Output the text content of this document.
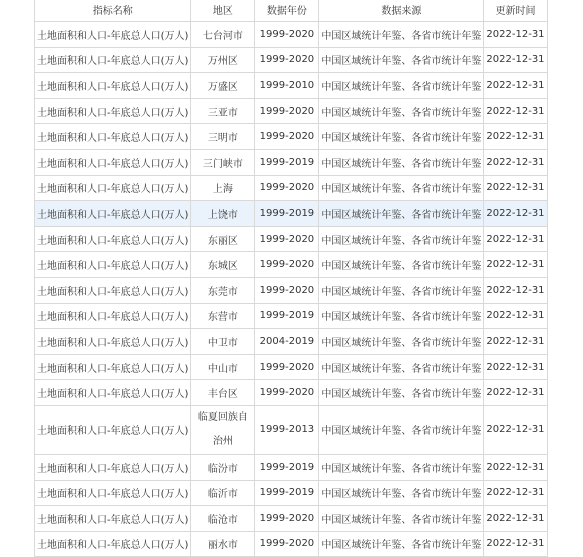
指标名称	地区	数据年份	数据来源	更新时间
土地面积和人口-年底总人口(万人)	七台河市	1999-2020	中国区域统计年鉴、各省市统计年鉴	2022-12-31
土地面积和人口-年底总人口(万人)	万州区	1999-2020	中国区域统计年鉴、各省市统计年鉴	2022-12-31
土地面积和人口-年底总人口(万人)	万盛区	1999-2010	中国区域统计年鉴、各省市统计年鉴	2022-12-31
土地面积和人口-年底总人口(万人)	三亚市	1999-2020	中国区域统计年鉴、各省市统计年鉴	2022-12-31
土地面积和人口-年底总人口(万人)	三明市	1999-2020	中国区域统计年鉴、各省市统计年鉴	2022-12-31
土地面积和人口-年底总人口(万人)	三门峡市	1999-2019	中国区域统计年鉴、各省市统计年鉴	2022-12-31
土地面积和人口-年底总人口(万人)	上海	1999-2020	中国区域统计年鉴、各省市统计年鉴	2022-12-31
土地面积和人口-年底总人口(万人)	上饶市	1999-2019	中国区域统计年鉴、各省市统计年鉴	2022-12-31
土地面积和人口-年底总人口(万人)	东丽区	1999-2020	中国区域统计年鉴、各省市统计年鉴	2022-12-31
土地面积和人口-年底总人口(万人)	东城区	1999-2020	中国区域统计年鉴、各省市统计年鉴	2022-12-31
土地面积和人口-年底总人口(万人)	东莞市	1999-2020	中国区域统计年鉴、各省市统计年鉴	2022-12-31
土地面积和人口-年底总人口(万人)	东营市	1999-2019	中国区域统计年鉴、各省市统计年鉴	2022-12-31
土地面积和人口-年底总人口(万人)	中卫市	2004-2019	中国区域统计年鉴、各省市统计年鉴	2022-12-31
土地面积和人口-年底总人口(万人)	中山市	1999-2020	中国区域统计年鉴、各省市统计年鉴	2022-12-31
土地面积和人口-年底总人口(万人)	丰台区	1999-2020	中国区域统计年鉴、各省市统计年鉴	2022-12-31
土地面积和人口-年底总人口(万人)	临夏回族自治州	1999-2013	中国区域统计年鉴、各省市统计年鉴	2022-12-31
土地面积和人口-年底总人口(万人)	临汾市	1999-2019	中国区域统计年鉴、各省市统计年鉴	2022-12-31
土地面积和人口-年底总人口(万人)	临沂市	1999-2019	中国区域统计年鉴、各省市统计年鉴	2022-12-31
土地面积和人口-年底总人口(万人)	临沧市	1999-2020	中国区域统计年鉴、各省市统计年鉴	2022-12-31
土地面积和人口-年底总人口(万人)	丽水市	1999-2020	中国区域统计年鉴、各省市统计年鉴	2022-12-31
